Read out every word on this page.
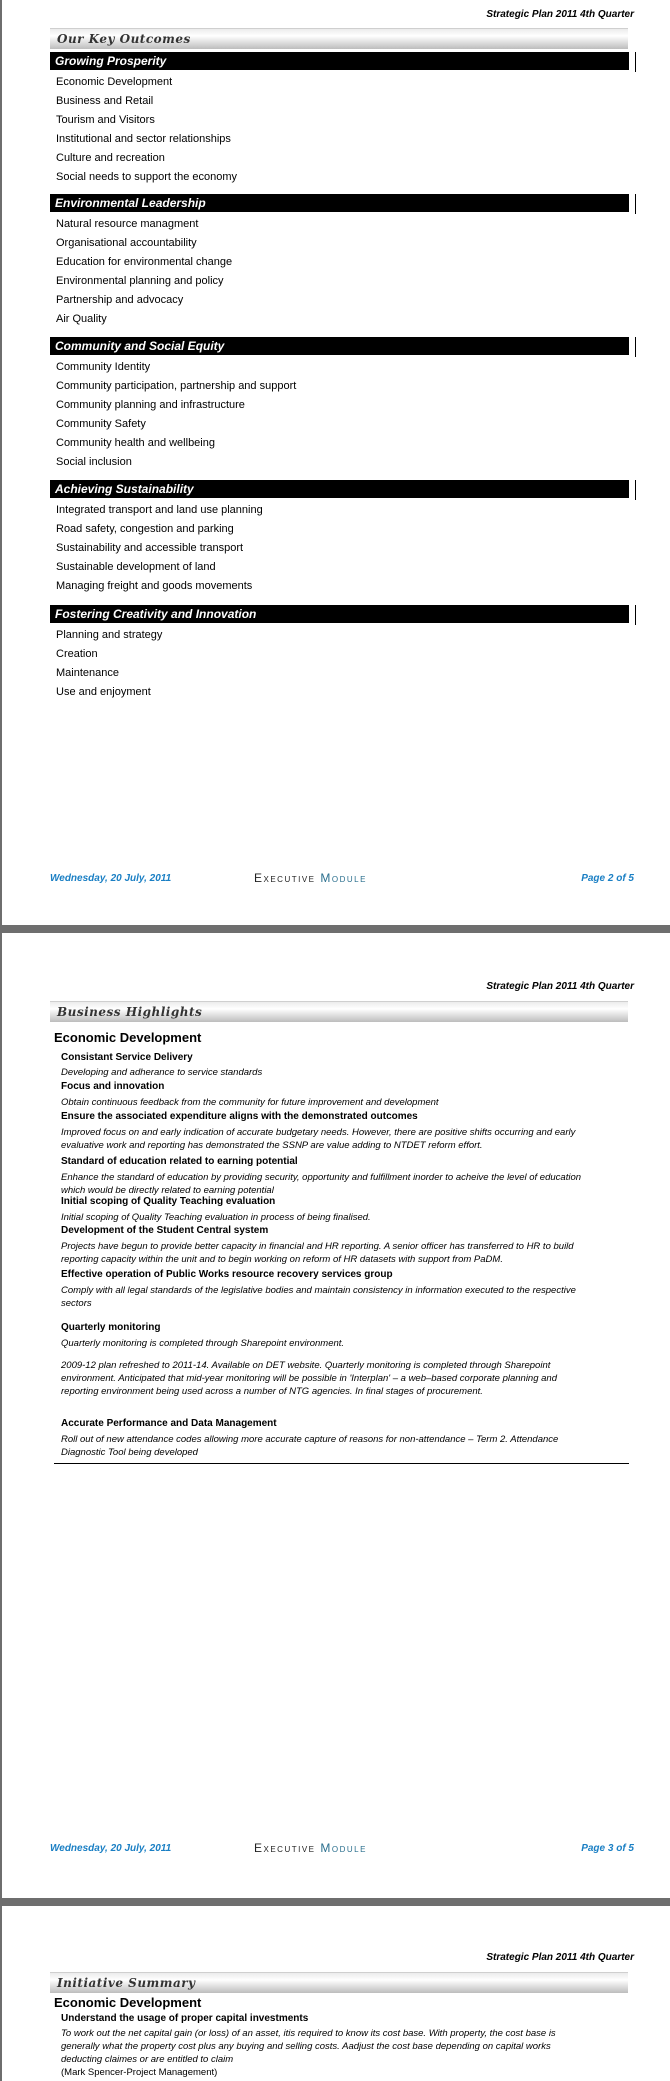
Strategic Plan 2011 4th Quarter
Our Key Outcomes
Growing Prosperity
Economic Development
Business and Retail
Tourism and Visitors
Institutional and sector relationships
Culture and recreation
Social needs to support the economy
Environmental Leadership
Natural resource managment
Organisational accountability
Education for environmental change
Environmental planning and policy
Partnership and advocacy
Air Quality
Community and Social Equity
Community Identity
Community participation, partnership and support
Community planning and infrastructure
Community Safety
Community health and wellbeing
Social inclusion
Achieving Sustainability
Integrated transport and land use planning
Road safety, congestion and parking
Sustainability and accessible transport
Sustainable development of land
Managing freight and goods movements
Fostering Creativity and Innovation
Planning and strategy
Creation
Maintenance
Use and enjoyment
Wednesday, 20 July, 2011	Executive Module	Page 2 of 5
Strategic Plan 2011 4th Quarter
Business Highlights
Economic Development
Consistant Service Delivery
Developing and adherance to service standards
Focus and innovation
Obtain continuous feedback from the community for future improvement and development
Ensure the associated expenditure aligns with the demonstrated outcomes
Improved focus on and early indication of accurate budgetary needs. However, there are positive shifts occurring and early evaluative work and reporting has demonstrated the SSNP are value adding to NTDET reform effort.
Standard of education related to earning potential
Enhance the standard of education by providing security, opportunity and fulfillment inorder to acheive the level of education which would be directly related to earning potential
Initial scoping of Quality Teaching evaluation
Initial scoping of Quality Teaching evaluation in process of being finalised.
Development of the Student Central system
Projects have begun to provide better capacity in financial and HR reporting. A senior officer has transferred to HR to build reporting capacity within the unit and to begin working on reform of HR datasets with support from PaDM.
Effective operation of Public Works resource recovery services group
Comply with all legal standards of the legislative bodies and maintain consistency in information executed to the respective sectors
Quarterly monitoring
Quarterly monitoring is completed through Sharepoint environment.
2009-12 plan refreshed to 2011-14. Available on DET website. Quarterly monitoring is completed through Sharepoint environment. Anticipated that mid-year monitoring will be possible in 'Interplan' – a web–based corporate planning and reporting environment being used across a number of NTG agencies. In final stages of procurement.
Accurate Performance and Data Management
Roll out of new attendance codes allowing more accurate capture of reasons for non-attendance – Term 2. Attendance Diagnostic Tool being developed
Wednesday, 20 July, 2011	Executive Module	Page 3 of 5
Strategic Plan 2011 4th Quarter
Initiative Summary
Economic Development
Understand the usage of proper capital investments
To work out the net capital gain (or loss) of an asset, itis required to know its cost base. With property, the cost base is generally what the property cost plus any buying and selling costs. Aadjust the cost base depending on capital works deducting claimes or are entitled to claim
(Mark Spencer-Project Management)
